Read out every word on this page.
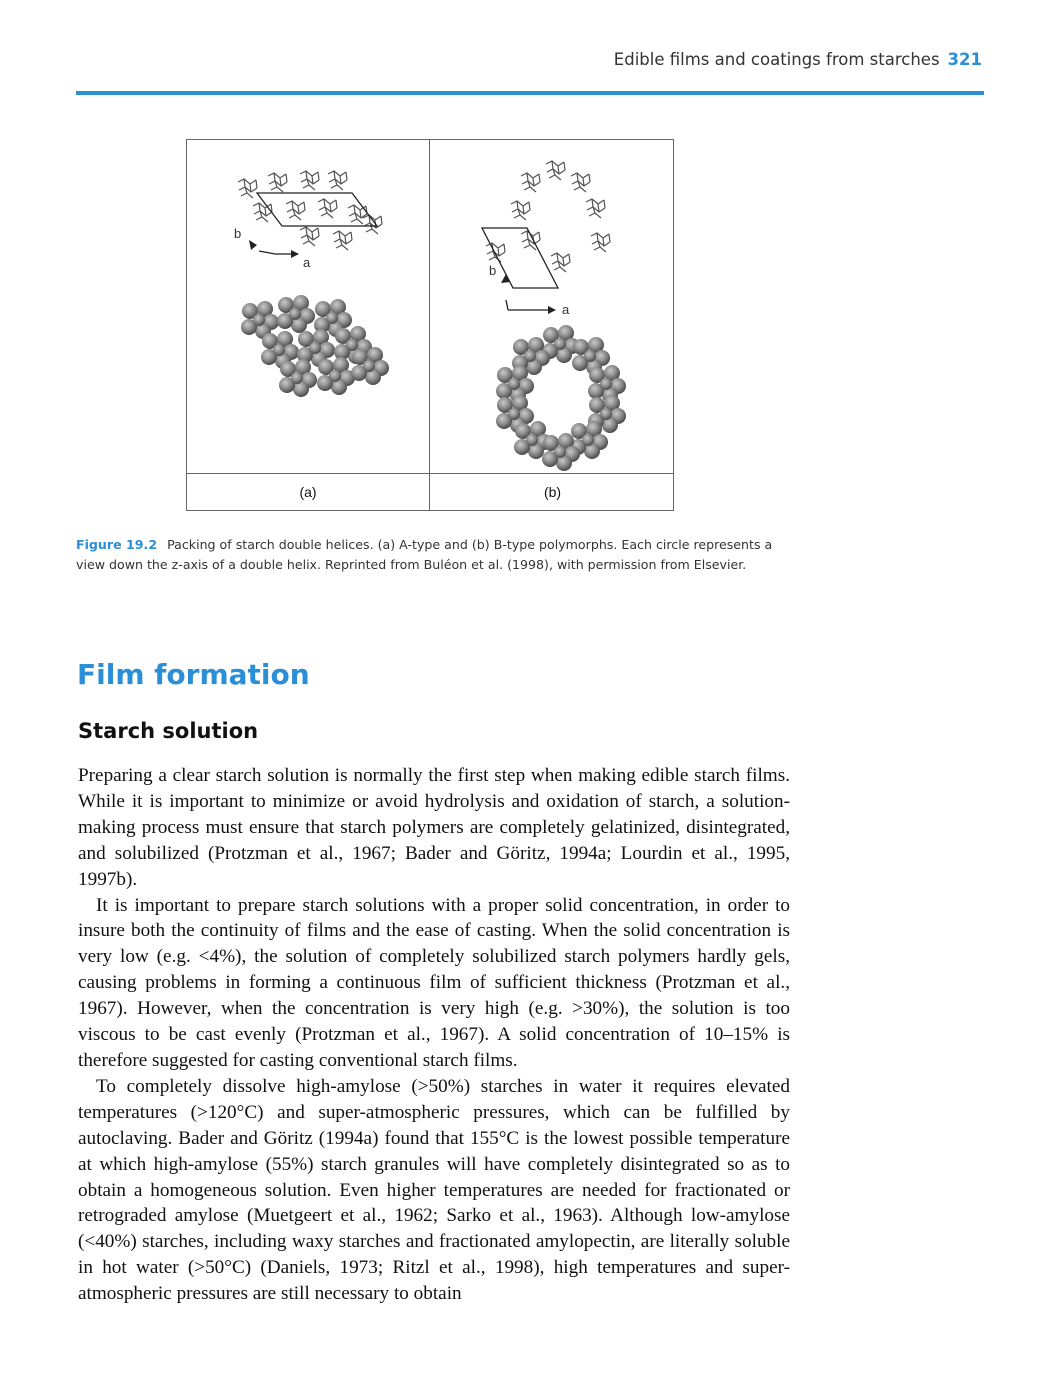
Edible films and coatings from starches 321
b
a
b
a
(a)	(b)
Figure 19.2 Packing of starch double helices. (a) A-type and (b) B-type polymorphs. Each circle represents a view down the z-axis of a double helix. Reprinted from Buléon et al. (1998), with permission from Elsevier.
Film formation
Starch solution

Preparing a clear starch solution is normally the first step when making edible starch films. While it is important to minimize or avoid hydrolysis and oxidation of starch, a solution-making process must ensure that starch polymers are completely gelatinized, disintegrated, and solubilized (Protzman et al., 1967; Bader and Göritz, 1994a; Lourdin et al., 1995, 1997b).

It is important to prepare starch solutions with a proper solid concentration, in order to insure both the continuity of films and the ease of casting. When the solid concentration is very low (e.g. <4%), the solution of completely solubilized starch polymers hardly gels, causing problems in forming a continuous film of sufficient thickness (Protzman et al., 1967). However, when the concentration is very high (e.g. >30%), the solution is too viscous to be cast evenly (Protzman et al., 1967). A solid concentration of 10–15% is therefore suggested for casting conventional starch films.

To completely dissolve high-amylose (>50%) starches in water it requires elevated temperatures (>120°C) and super-atmospheric pressures, which can be fulfilled by autoclaving. Bader and Göritz (1994a) found that 155°C is the lowest possible temperature at which high-amylose (55%) starch granules will have completely disintegrated so as to obtain a homogeneous solution. Even higher temperatures are needed for fractionated or retrograded amylose (Muetgeert et al., 1962; Sarko et al., 1963). Although low-amylose (<40%) starches, including waxy starches and fractionated amylopectin, are literally soluble in hot water (>50°C) (Daniels, 1973; Ritzl et al., 1998), high temperatures and super-atmospheric pressures are still necessary to obtain
